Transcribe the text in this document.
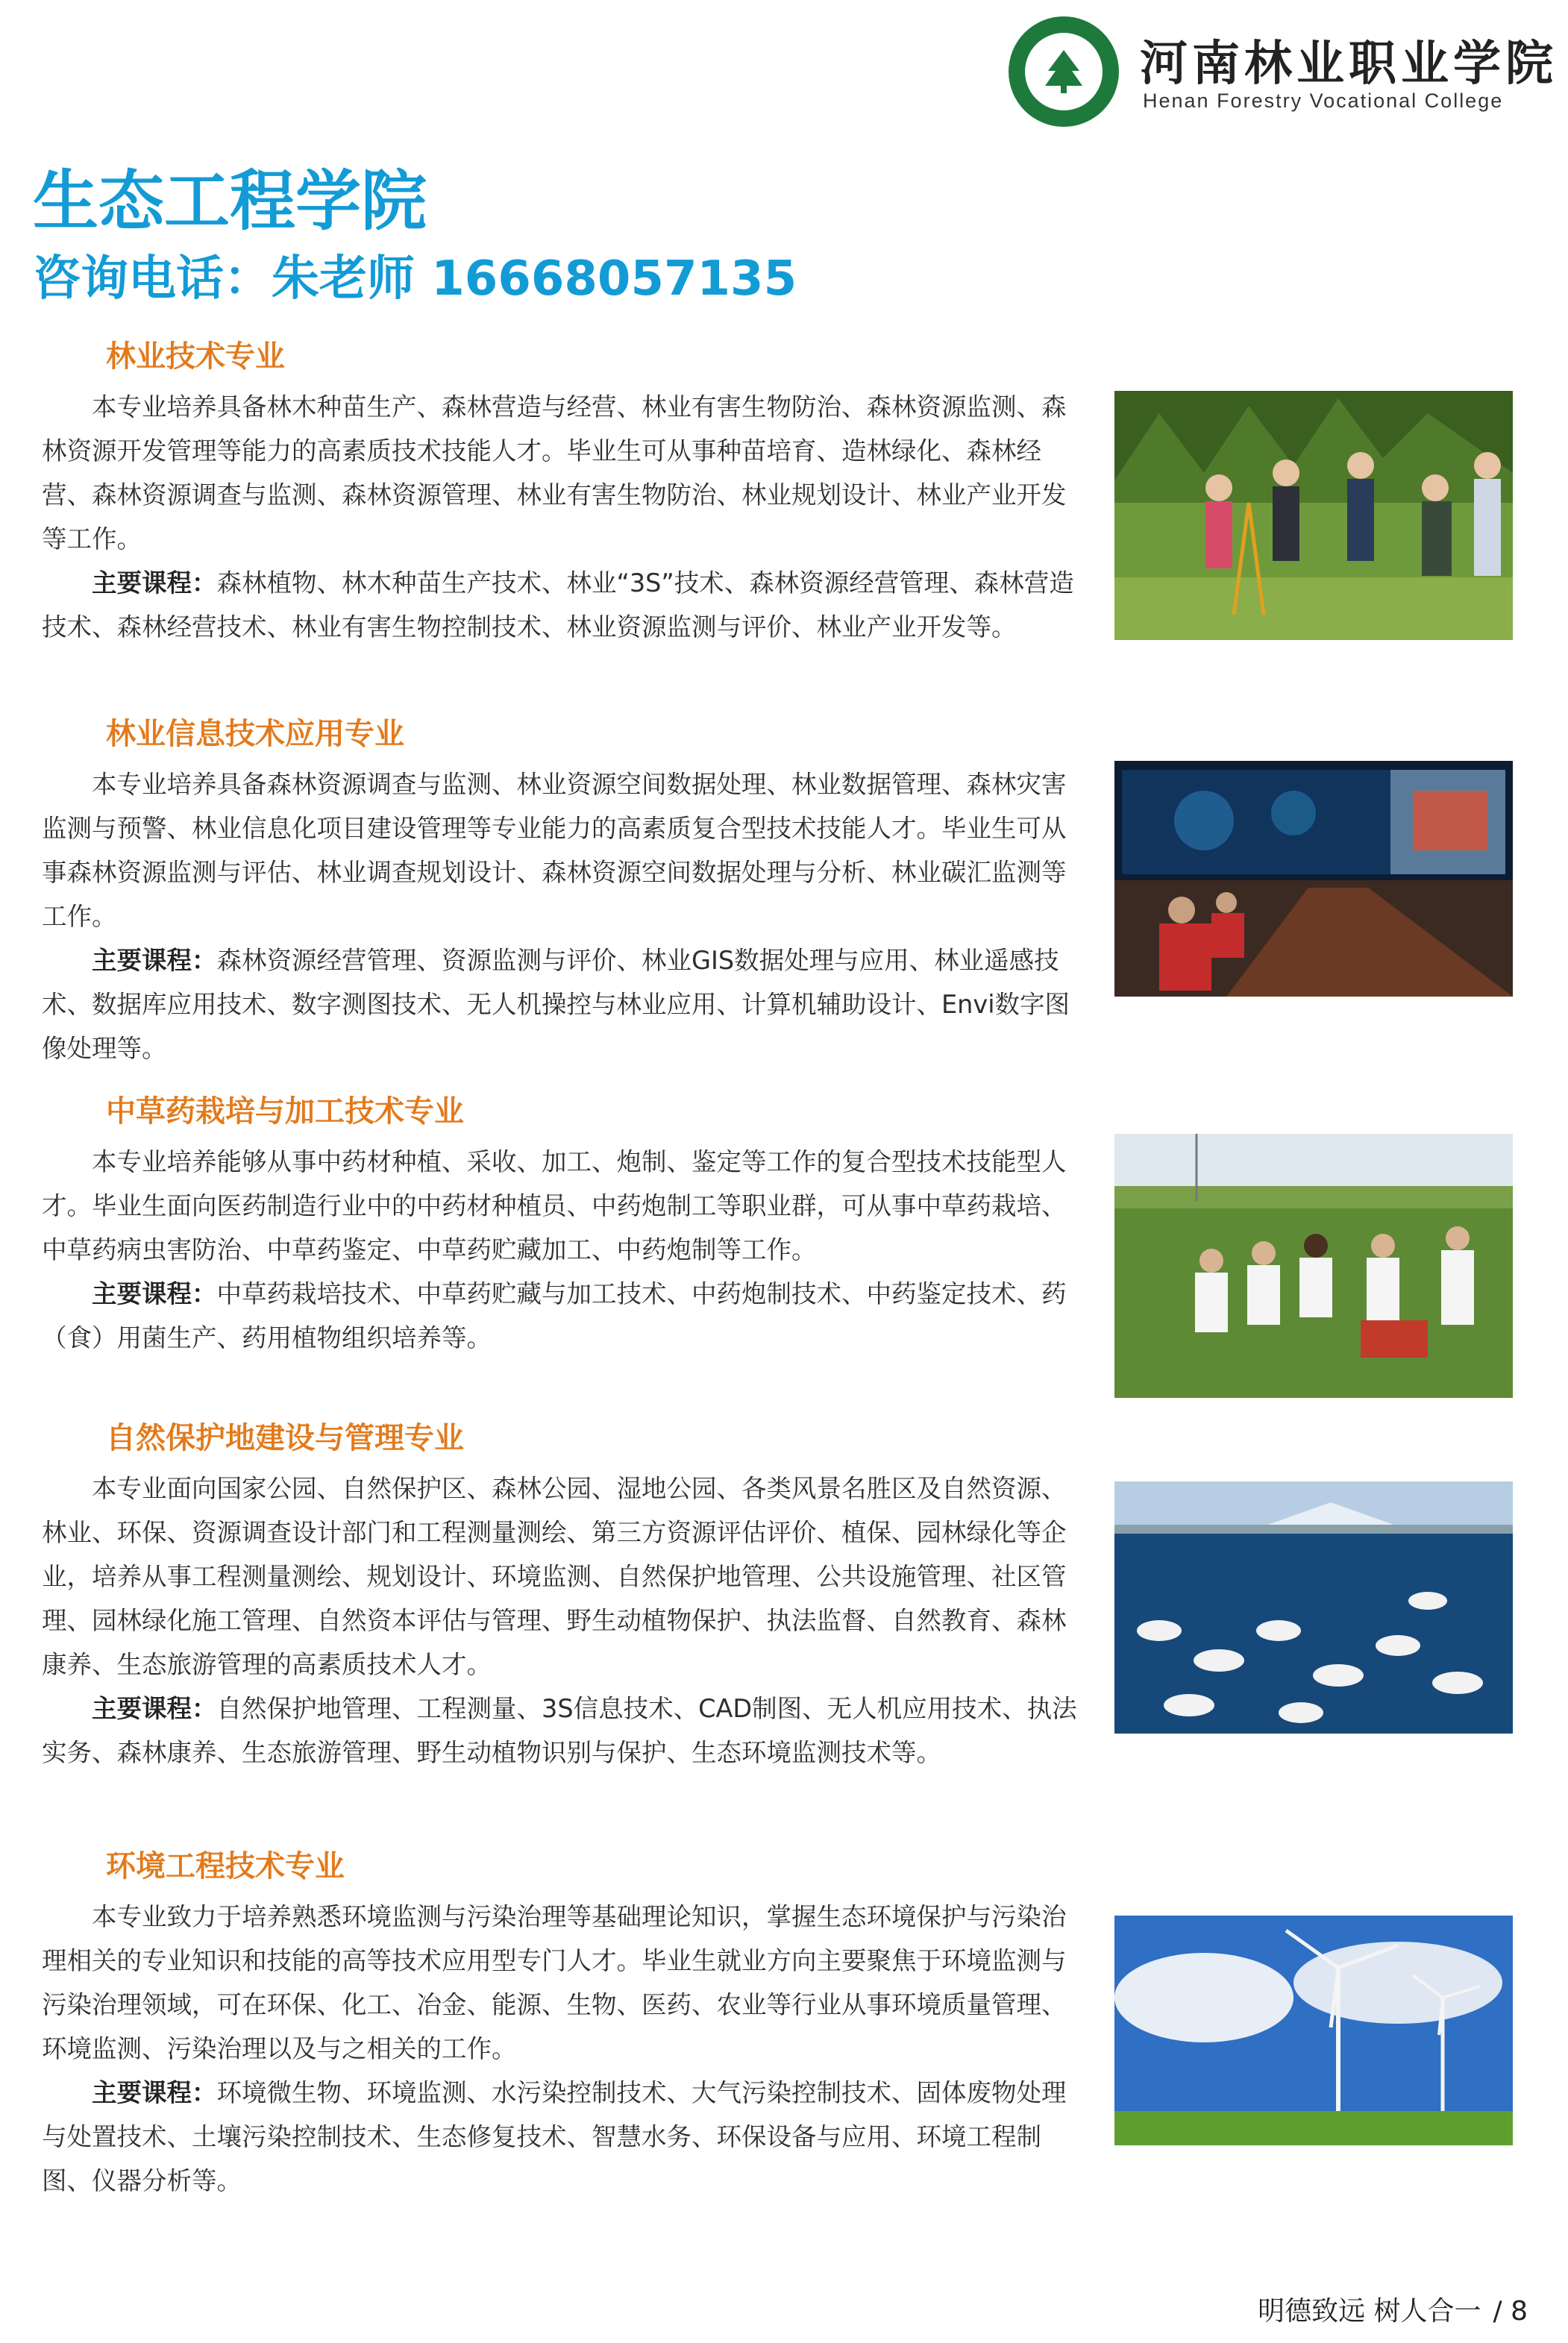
河南林业职业学院
Henan Forestry Vocational College
生态工程学院
咨询电话：朱老师 16668057135
林业技术专业

本专业培养具备林木种苗生产、森林营造与经营、林业有害生物防治、森林资源监测、森林资源开发管理等能力的高素质技术技能人才。毕业生可从事种苗培育、造林绿化、森林经营、森林资源调查与监测、森林资源管理、林业有害生物防治、林业规划设计、林业产业开发等工作。

主要课程：森林植物、林木种苗生产技术、林业“3S”技术、森林资源经营管理、森林营造技术、森林经营技术、林业有害生物控制技术、林业资源监测与评价、林业产业开发等。

林业信息技术应用专业

本专业培养具备森林资源调查与监测、林业资源空间数据处理、林业数据管理、森林灾害监测与预警、林业信息化项目建设管理等专业能力的高素质复合型技术技能人才。毕业生可从事森林资源监测与评估、林业调查规划设计、森林资源空间数据处理与分析、林业碳汇监测等工作。

主要课程：森林资源经营管理、资源监测与评价、林业GIS数据处理与应用、林业遥感技术、数据库应用技术、数字测图技术、无人机操控与林业应用、计算机辅助设计、Envi数字图像处理等。

中草药栽培与加工技术专业

本专业培养能够从事中药材种植、采收、加工、炮制、鉴定等工作的复合型技术技能型人才。毕业生面向医药制造行业中的中药材种植员、中药炮制工等职业群，可从事中草药栽培、中草药病虫害防治、中草药鉴定、中草药贮藏加工、中药炮制等工作。

主要课程：中草药栽培技术、中草药贮藏与加工技术、中药炮制技术、中药鉴定技术、药（食）用菌生产、药用植物组织培养等。

自然保护地建设与管理专业

本专业面向国家公园、自然保护区、森林公园、湿地公园、各类风景名胜区及自然资源、林业、环保、资源调查设计部门和工程测量测绘、第三方资源评估评价、植保、园林绿化等企业，培养从事工程测量测绘、规划设计、环境监测、自然保护地管理、公共设施管理、社区管理、园林绿化施工管理、自然资本评估与管理、野生动植物保护、执法监督、自然教育、森林康养、生态旅游管理的高素质技术人才。

主要课程：自然保护地管理、工程测量、3S信息技术、CAD制图、无人机应用技术、执法实务、森林康养、生态旅游管理、野生动植物识别与保护、生态环境监测技术等。

环境工程技术专业

本专业致力于培养熟悉环境监测与污染治理等基础理论知识，掌握生态环境保护与污染治理相关的专业知识和技能的高等技术应用型专门人才。毕业生就业方向主要聚焦于环境监测与污染治理领域，可在环保、化工、冶金、能源、生物、医药、农业等行业从事环境质量管理、环境监测、污染治理以及与之相关的工作。

主要课程：环境微生物、环境监测、水污染控制技术、大气污染控制技术、固体废物处理与处置技术、土壤污染控制技术、生态修复技术、智慧水务、环保设备与应用、环境工程制图、仪器分析等。

明德致远 树人合一 / 8
